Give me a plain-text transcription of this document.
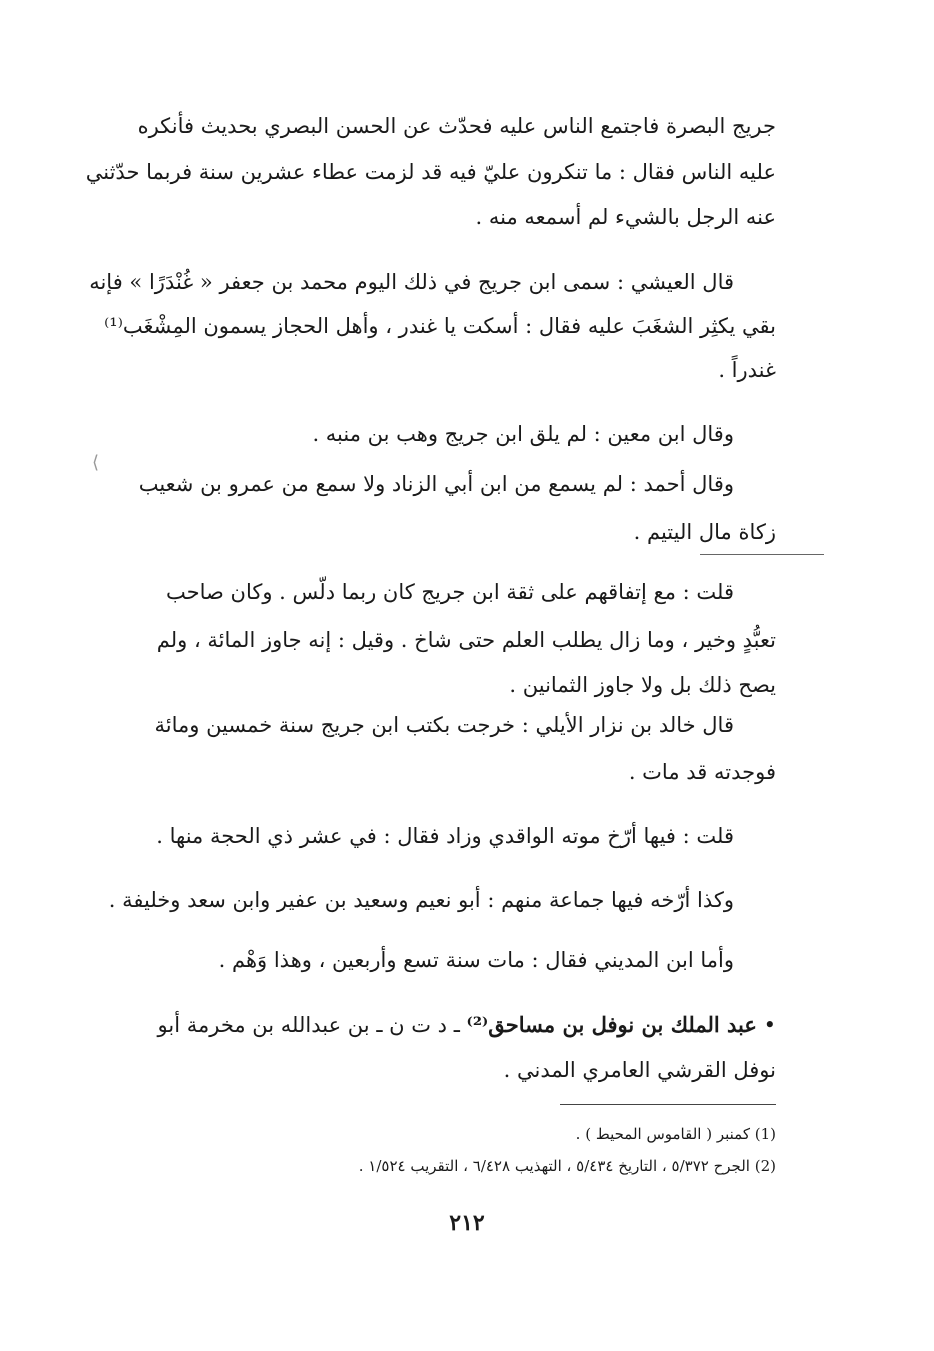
جريج البصرة فاجتمع الناس عليه فحدّث عن الحسن البصري بحديث فأنكره
عليه الناس فقال : ما تنكرون عليّ فيه قد لزمت عطاء عشرين سنة فربما حدّثني
عنه الرجل بالشيء لم أسمعه منه .
قال العيشي : سمى ابن جريج في ذلك اليوم محمد بن جعفر « غُنْدَرًا » فإنه
بقي يكثِر الشغَبَ عليه فقال : أسكت يا غندر ، وأهل الحجاز يسمون المِشْغَب⁽¹⁾
غندراً .
وقال ابن معين : لم يلق ابن جريج وهب بن منبه .
وقال أحمد : لم يسمع من ابن أبي الزناد ولا سمع من عمرو بن شعيب
زكاة مال اليتيم .
⟨
قلت : مع إتفاقهم على ثقة ابن جريج كان ربما دلّس . وكان صاحب
تعبُّدٍ وخير ، وما زال يطلب العلم حتى شاخ . وقيل : إنه جاوز المائة ، ولم
يصح ذلك بل ولا جاوز الثمانين .
قال خالد بن نزار الأيلي : خرجت بكتب ابن جريج سنة خمسين ومائة
فوجدته قد مات .
قلت : فيها أرّخ موته الواقدي وزاد فقال : في عشر ذي الحجة منها .
وكذا أرّخه فيها جماعة منهم : أبو نعيم وسعيد بن عفير وابن سعد وخليفة .
وأما ابن المديني فقال : مات سنة تسع وأربعين ، وهذا وَهْم .
• عبد الملك بن نوفل بن مساحق⁽²⁾ ـ د ت ن ـ بن عبدالله بن مخرمة أبو
نوفل القرشي العامري المدني .
(1) كمنبر ( القاموس المحيط ) .
(2) الجرح ٥/٣٧٢ ، التاريخ ٥/٤٣٤ ، التهذيب ٦/٤٢٨ ، التقريب ١/٥٢٤ .
٢١٢
